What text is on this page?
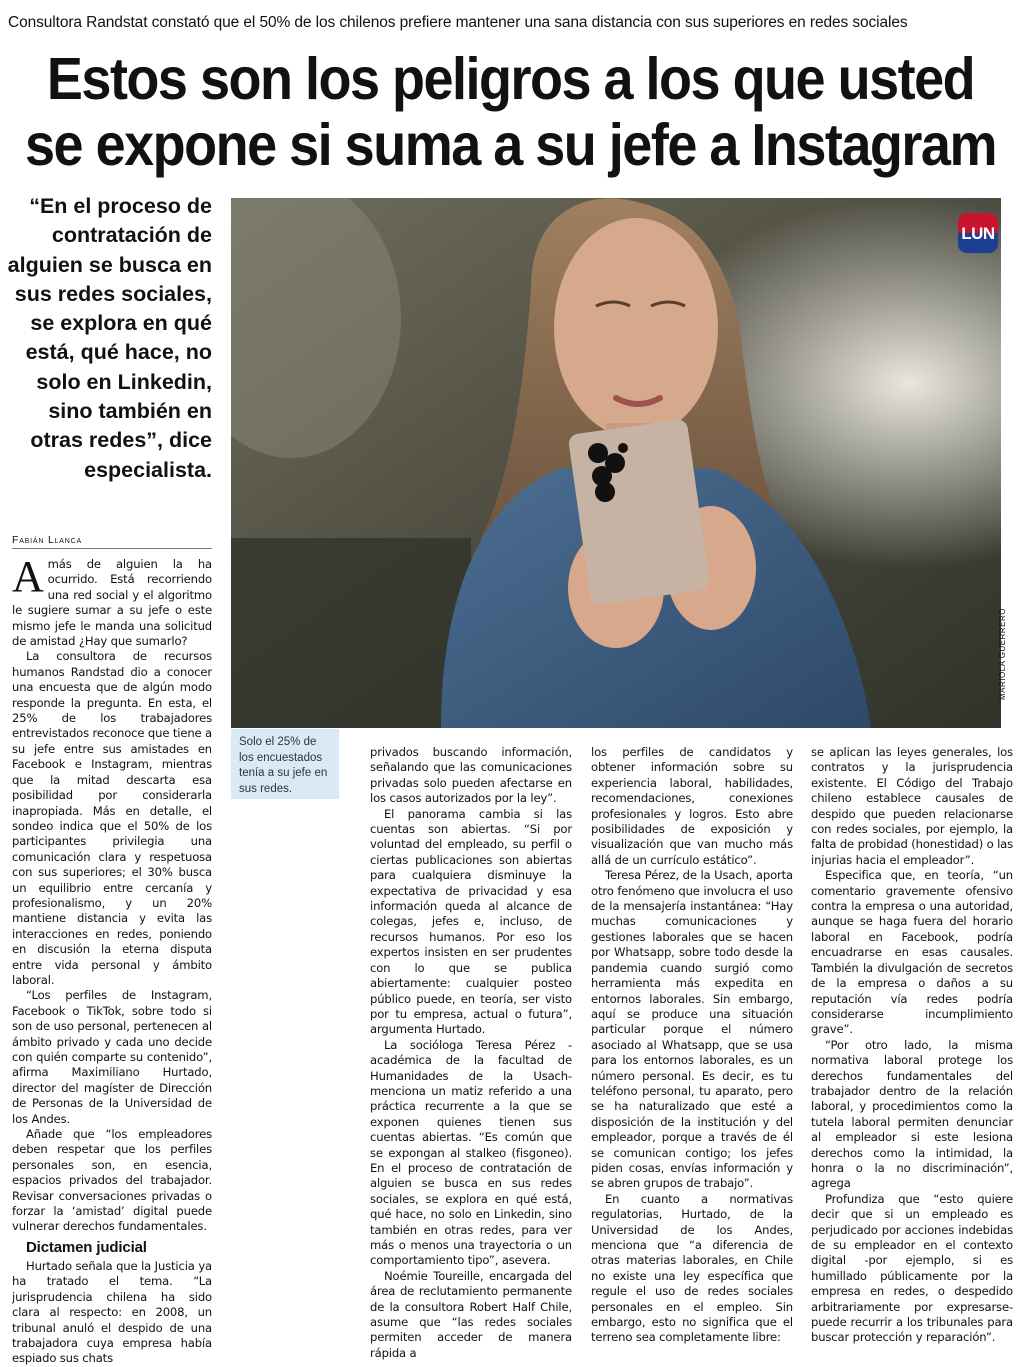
Consultora Randstat constató que el 50% de los chilenos prefiere mantener una sana distancia con sus superiores en redes sociales
Estos son los peligros a los que usted
se expone si suma a su jefe a Instagram
“En el proceso de contratación de alguien se busca en sus redes sociales, se explora en qué está, qué hace, no solo en Linkedin, sino también en otras redes”, dice especialista.
LUN
MARIOLA GUERRERO
Solo el 25% de los encuestados tenía a su jefe en sus redes.
Fabián Llanca

Amás de alguien la ha ocurrido. Está recorriendo una red social y el algoritmo le sugiere sumar a su jefe o este mismo jefe le manda una solicitud de amistad ¿Hay que sumarlo?

La consultora de recursos humanos Randstad dio a conocer una encuesta que de algún modo responde la pregunta. En esta, el 25% de los trabajadores entrevistados reconoce que tiene a su jefe entre sus amistades en Facebook e Instagram, mientras que la mitad descarta esa posibilidad por considerarla inapropiada. Más en detalle, el sondeo indica que el 50% de los participantes privilegia una comunicación clara y respetuosa con sus superiores; el 30% busca un equilibrio entre cercanía y profesionalismo, y un 20% mantiene distancia y evita las interacciones en redes, poniendo en discusión la eterna disputa entre vida personal y ámbito laboral.

“Los perfiles de Instagram, Facebook o TikTok, sobre todo si son de uso personal, pertenecen al ámbito privado y cada uno decide con quién comparte su contenido”, afirma Maximiliano Hurtado, director del magíster de Dirección de Personas de la Universidad de los Andes.

Añade que “los empleadores deben respetar que los perfiles personales son, en esencia, espacios privados del trabajador. Revisar conversaciones privadas o forzar la ‘amistad’ digital puede vulnerar derechos fundamentales.

Dictamen judicial

Hurtado señala que la Justicia ya ha tratado el tema. “La jurisprudencia chilena ha sido clara al respecto: en 2008, un tribunal anuló el despido de una trabajadora cuya empresa había espiado sus chats

privados buscando información, señalando que las comunicaciones privadas solo pueden afectarse en los casos autorizados por la ley”.

El panorama cambia si las cuentas son abiertas. “Si por voluntad del empleado, su perfil o ciertas publicaciones son abiertas para cualquiera disminuye la expectativa de privacidad y esa información queda al alcance de colegas, jefes e, incluso, de recursos humanos. Por eso los expertos insisten en ser prudentes con lo que se publica abiertamente: cualquier posteo público puede, en teoría, ser visto por tu empresa, actual o futura”, argumenta Hurtado.

La socióloga Teresa Pérez -académica de la facultad de Humanidades de la Usach- menciona un matiz referido a una práctica recurrente a la que se exponen quienes tienen sus cuentas abiertas. “Es común que se expongan al stalkeo (fisgoneo). En el proceso de contratación de alguien se busca en sus redes sociales, se explora en qué está, qué hace, no solo en Linkedin, sino también en otras redes, para ver más o menos una trayectoria o un comportamiento tipo”, asevera.

Noémie Toureille, encargada del área de reclutamiento permanente de la consultora Robert Half Chile, asume que “las redes sociales permiten acceder de manera rápida a

los perfiles de candidatos y obtener información sobre su experiencia laboral, habilidades, recomendaciones, conexiones profesionales y logros. Esto abre posibilidades de exposición y visualización que van mucho más allá de un currículo estático”.

Teresa Pérez, de la Usach, aporta otro fenómeno que involucra el uso de la mensajería instantánea: “Hay muchas comunicaciones y gestiones laborales que se hacen por Whatsapp, sobre todo desde la pandemia cuando surgió como herramienta más expedita en entornos laborales. Sin embargo, aquí se produce una situación particular porque el número asociado al Whatsapp, que se usa para los entornos laborales, es un número personal. Es decir, es tu teléfono personal, tu aparato, pero se ha naturalizado que esté a disposición de la institución y del empleador, porque a través de él se comunican contigo; los jefes piden cosas, envías información y se abren grupos de trabajo”.

En cuanto a normativas regulatorias, Hurtado, de la Universidad de los Andes, menciona que “a diferencia de otras materias laborales, en Chile no existe una ley específica que regule el uso de redes sociales personales en el empleo. Sin embargo, esto no significa que el terreno sea completamente libre:

se aplican las leyes generales, los contratos y la jurisprudencia existente. El Código del Trabajo chileno establece causales de despido que pueden relacionarse con redes sociales, por ejemplo, la falta de probidad (honestidad) o las injurias hacia el empleador”.

Especifica que, en teoría, “un comentario gravemente ofensivo contra la empresa o una autoridad, aunque se haga fuera del horario laboral en Facebook, podría encuadrarse en esas causales. También la divulgación de secretos de la empresa o daños a su reputación vía redes podría considerarse incumplimiento grave”.

“Por otro lado, la misma normativa laboral protege los derechos fundamentales del trabajador dentro de la relación laboral, y procedimientos como la tutela laboral permiten denunciar al empleador si este lesiona derechos como la intimidad, la honra o la no discriminación”, agrega

Profundiza que “esto quiere decir que si un empleado es perjudicado por acciones indebidas de su empleador en el contexto digital -por ejemplo, si es humillado públicamente por la empresa en redes, o despedido arbitrariamente por expresarse- puede recurrir a los tribunales para buscar protección y reparación”.
